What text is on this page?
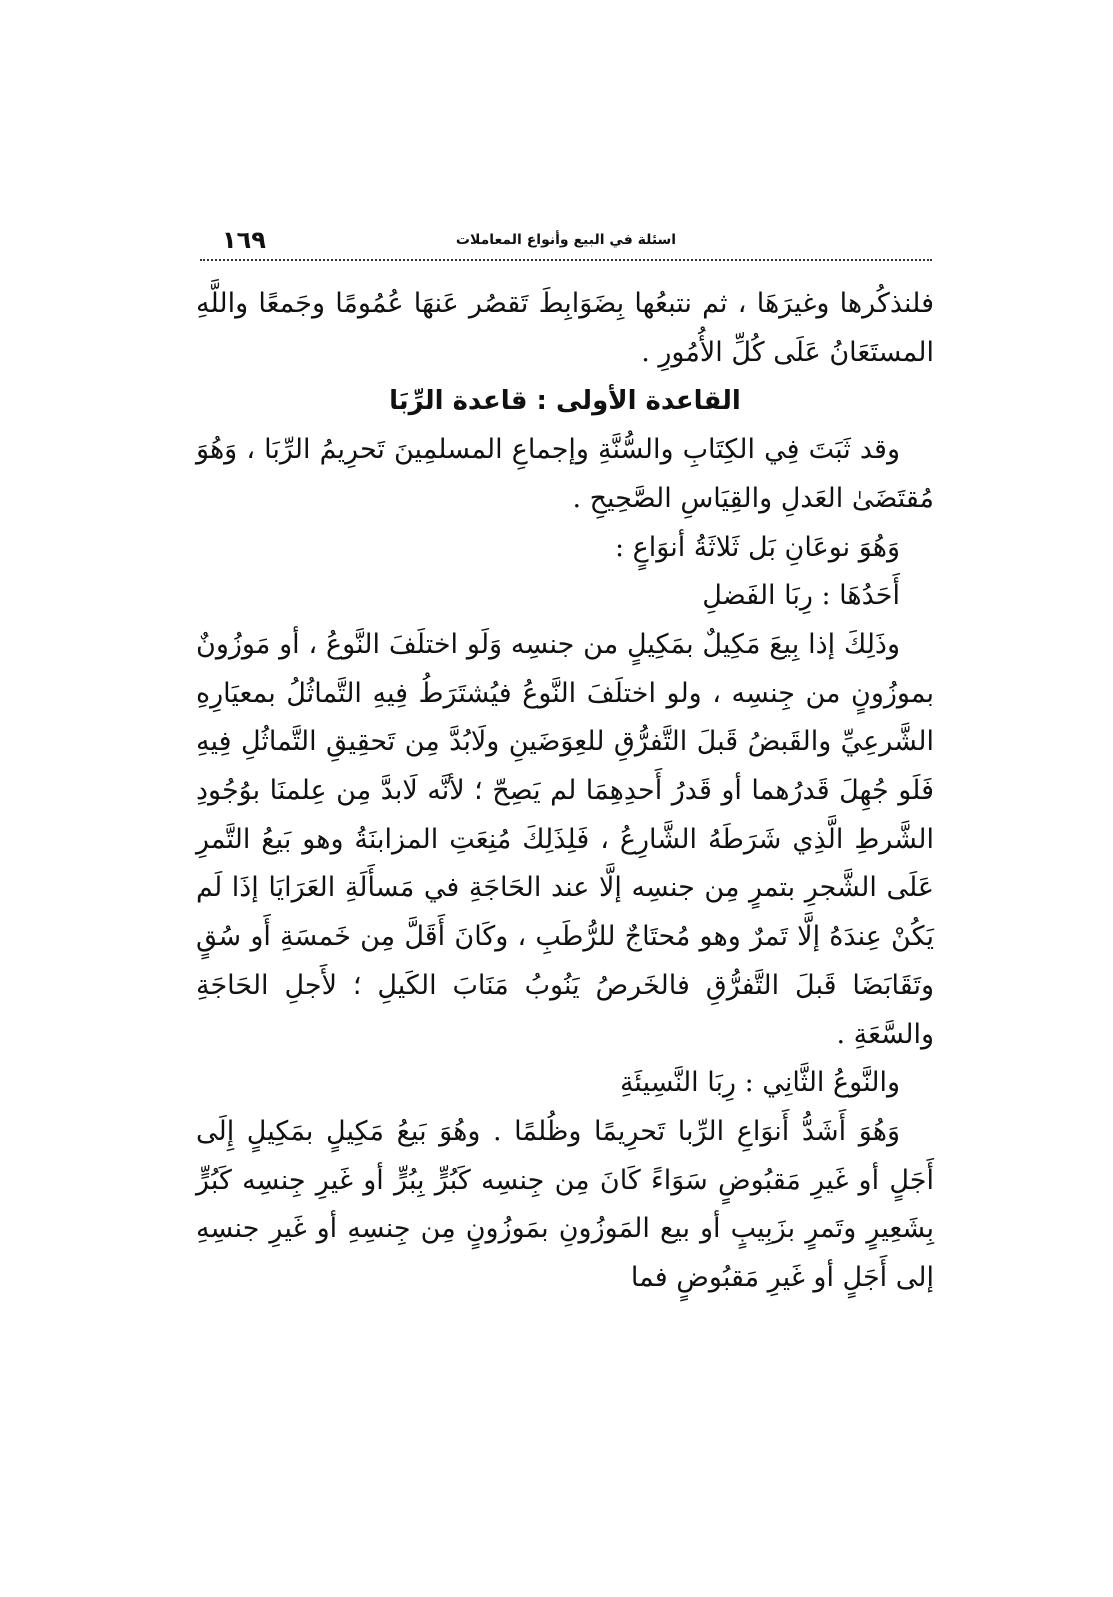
١٦٩	اسئلة في البيع وأنواع المعاملات

فلنذكُرها وغيرَهَا ، ثم نتبعُها بِضَوَابِطَ تَقصُر عَنهَا عُمُومًا وجَمعًا واللَّهِ المستَعَانُ عَلَى كُلِّ الأُمُورِ .

القاعدة الأولى : قاعدة الرِّبَا

وقد ثَبَتَ فِي الكِتَابِ والسُّنَّةِ وإجماعِ المسلمِينَ تَحرِيمُ الرِّبَا ، وَهُوَ مُقتَضَىٰ العَدلِ والقِيَاسِ الصَّحِيحِ .

وَهُوَ نوعَانِ بَل ثَلاثَةُ أنوَاعٍ :

أَحَدُهَا : رِبَا الفَضلِ

وذَلِكَ إذا بِيعَ مَكِيلٌ بمَكِيلٍ من جنسِه وَلَو اختلَفَ النَّوعُ ، أو مَوزُونٌ بموزُونٍ من جِنسِه ، ولو اختلَفَ النَّوعُ فيُشتَرَطُ فِيهِ التَّماثُلُ بمعيَارِهِ الشَّرعِيِّ والقَبضُ قَبلَ التَّفرُّقِ للعِوَضَينِ ولَابُدَّ مِن تَحقِيقِ التَّماثُلِ فِيهِ فَلَو جُهِلَ قَدرُهما أو قَدرُ أَحدِهِمَا لم يَصِحّ ؛ لأنَّه لَابدَّ مِن عِلمنَا بوُجُودِ الشَّرطِ الَّذِي شَرَطَهُ الشَّارِعُ ، فَلِذَلِكَ مُنِعَتِ المزابنَةُ وهو بَيعُ التَّمرِ عَلَى الشَّجرِ بتمرٍ مِن جنسِه إلَّا عند الحَاجَةِ في مَسأَلَةِ العَرَايَا إذَا لَم يَكُنْ عِندَهُ إلَّا تَمرٌ وهو مُحتَاجٌ للرُّطَبِ ، وكَانَ أَقَلَّ مِن خَمسَةِ أَو سُقٍ وتَقَابَضَا قَبلَ التَّفرُّقِ فالخَرصُ يَنُوبُ مَنَابَ الكَيلِ ؛ لأَجلِ الحَاجَةِ والسَّعَةِ .

والنَّوعُ الثَّانِي : رِبَا النَّسِيئَةِ

وَهُوَ أَشَدُّ أَنوَاعِ الرِّبا تَحرِيمًا وظُلمًا . وهُوَ بَيعُ مَكِيلٍ بمَكِيلٍ إِلَى أَجَلٍ أو غَيرِ مَقبُوضٍ سَوَاءً كَانَ مِن جِنسِه كَبُرٍّ بِبُرٍّ أو غَيرِ جِنسِه كَبُرٍّ بِشَعِيرٍ وتَمرٍ بزَبِيبٍ أو بيع المَوزُونِ بمَوزُونٍ مِن جِنسِهِ أو غَيرِ جنسِهِ إلى أَجَلٍ أو غَيرِ مَقبُوضٍ فما
